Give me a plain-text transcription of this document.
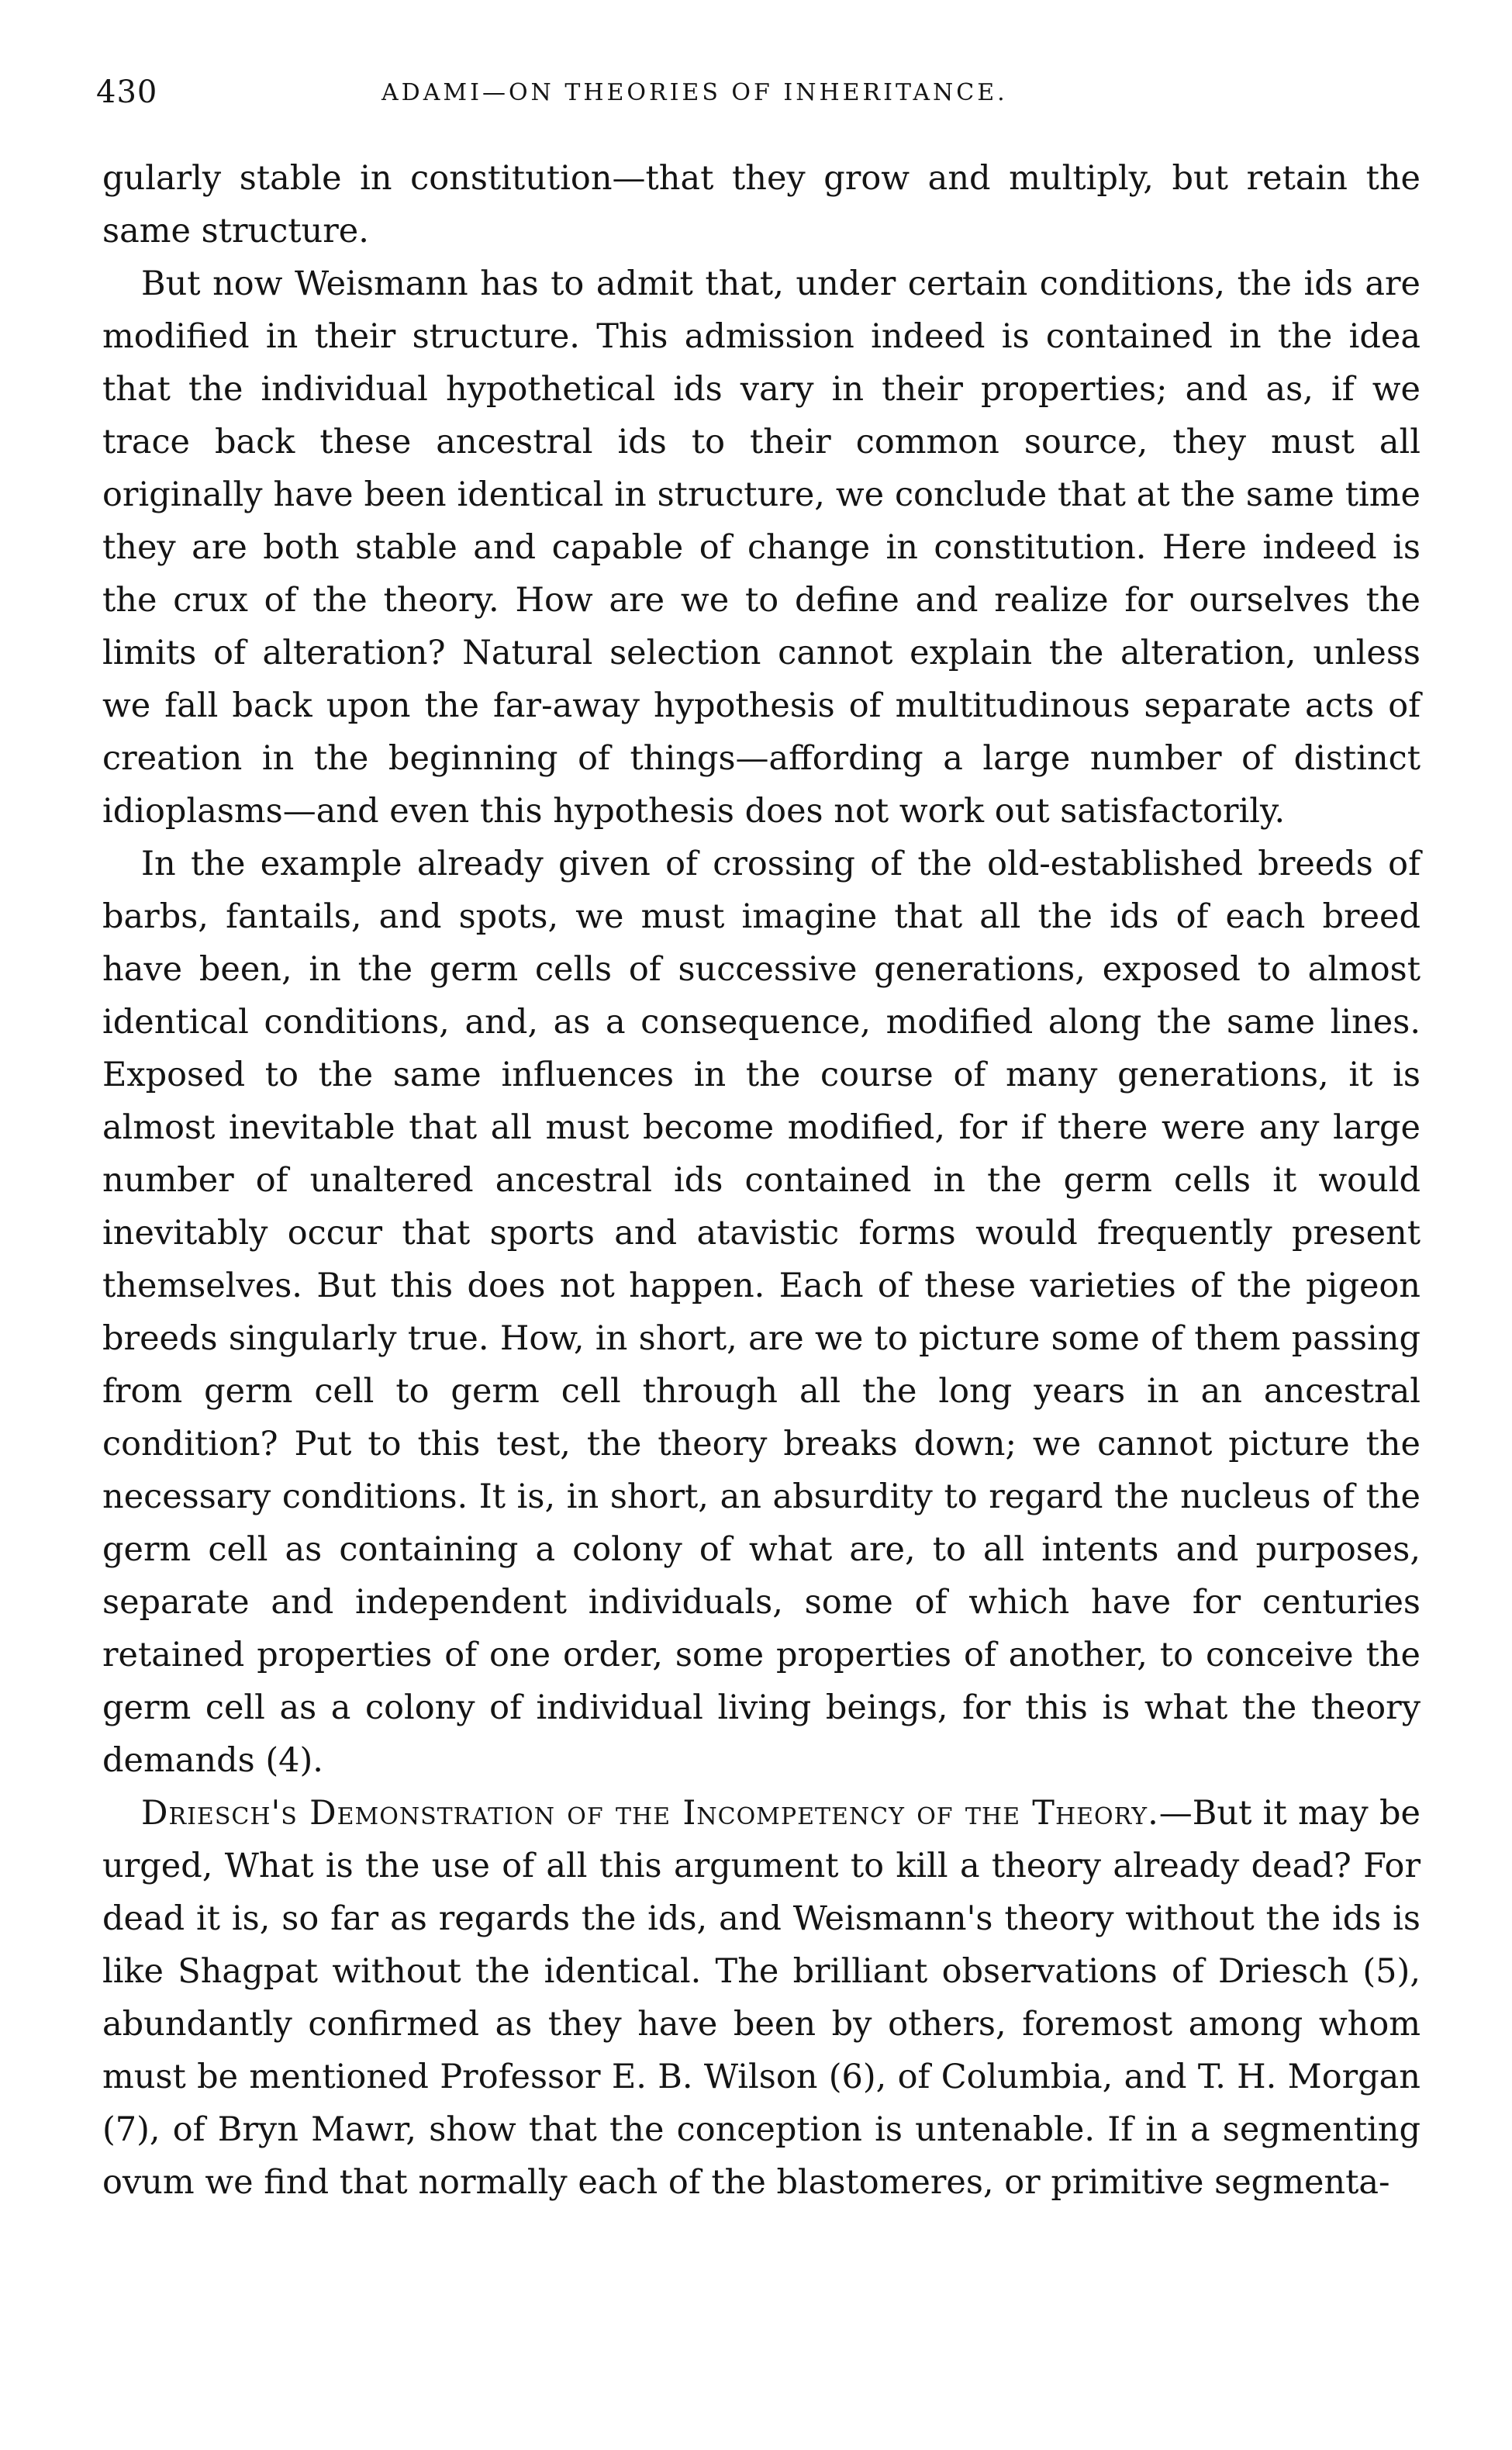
430	ADAMI—ON THEORIES OF INHERITANCE.

gularly stable in constitution—that they grow and multiply, but retain the same structure.

But now Weismann has to admit that, under certain conditions, the ids are modified in their structure. This admission indeed is contained in the idea that the individual hypothetical ids vary in their properties; and as, if we trace back these ancestral ids to their common source, they must all originally have been identical in structure, we conclude that at the same time they are both stable and capable of change in constitution. Here indeed is the crux of the theory. How are we to define and realize for ourselves the limits of alteration? Natural selection cannot explain the alteration, unless we fall back upon the far-away hypothesis of multitudinous separate acts of creation in the beginning of things—affording a large number of distinct idioplasms—and even this hypothesis does not work out satisfactorily.

In the example already given of crossing of the old-established breeds of barbs, fantails, and spots, we must imagine that all the ids of each breed have been, in the germ cells of successive generations, exposed to almost identical conditions, and, as a consequence, modified along the same lines. Exposed to the same influences in the course of many generations, it is almost inevitable that all must become modified, for if there were any large number of unaltered ancestral ids contained in the germ cells it would inevitably occur that sports and atavistic forms would frequently present themselves. But this does not happen. Each of these varieties of the pigeon breeds singularly true. How, in short, are we to picture some of them passing from germ cell to germ cell through all the long years in an ancestral condition? Put to this test, the theory breaks down; we cannot picture the necessary conditions. It is, in short, an absurdity to regard the nucleus of the germ cell as containing a colony of what are, to all intents and purposes, separate and independent individuals, some of which have for centuries retained properties of one order, some properties of another, to conceive the germ cell as a colony of individual living beings, for this is what the theory demands (4).

Driesch's Demonstration of the Incompetency of the Theory.—But it may be urged, What is the use of all this argument to kill a theory already dead? For dead it is, so far as regards the ids, and Weismann's theory without the ids is like Shagpat without the identical. The brilliant observations of Driesch (5), abundantly confirmed as they have been by others, foremost among whom must be mentioned Professor E. B. Wilson (6), of Columbia, and T. H. Morgan (7), of Bryn Mawr, show that the conception is untenable. If in a segmenting ovum we find that normally each of the blastomeres, or primitive segmenta-
